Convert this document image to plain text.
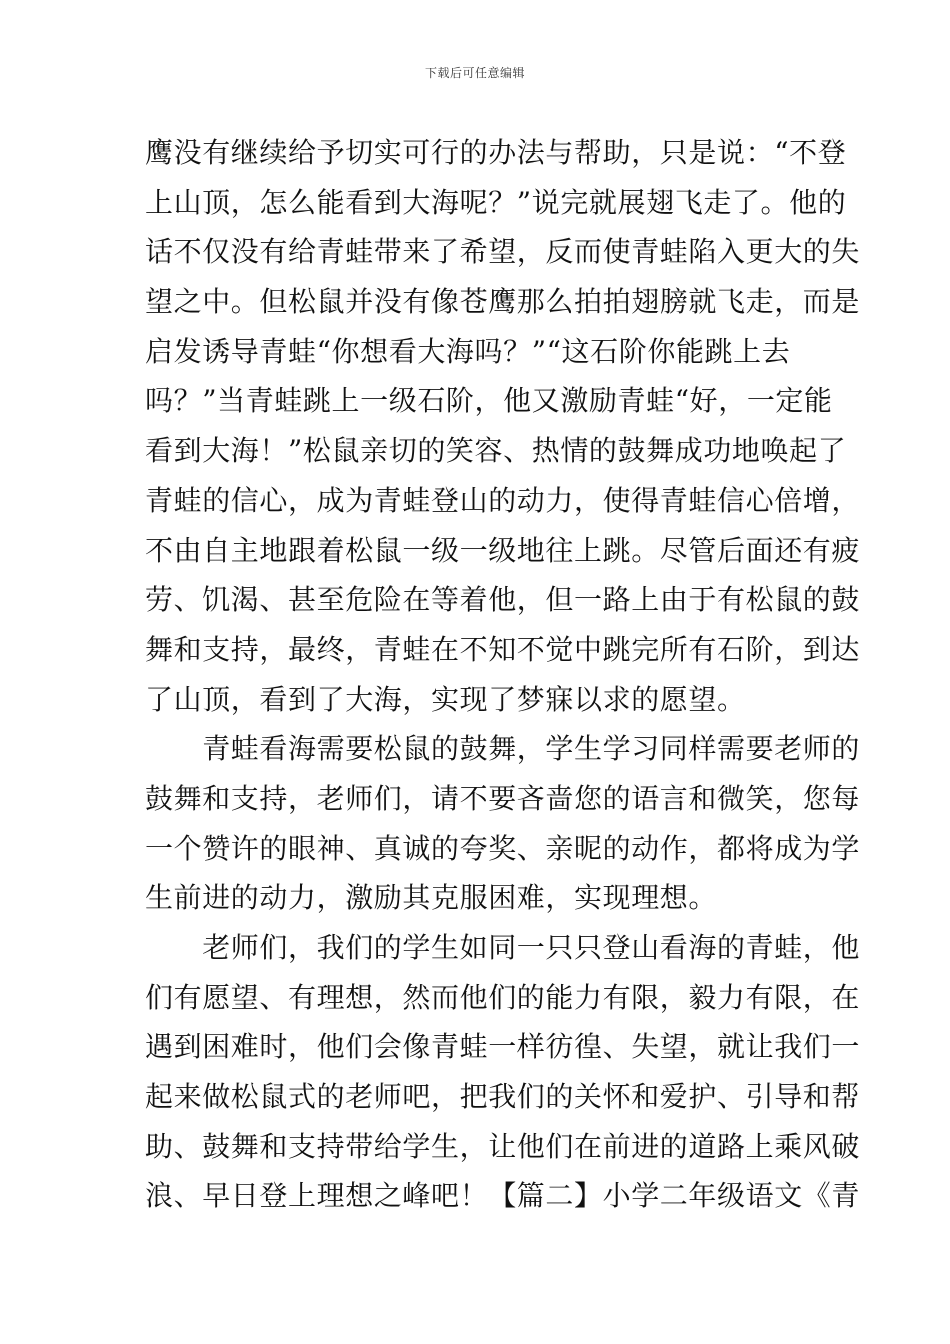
下载后可任意编辑
鹰没有继续给予切实可行的办法与帮助，只是说：“不登
上山顶，怎么能看到大海呢？”说完就展翅飞走了。他的
话不仅没有给青蛙带来了希望，反而使青蛙陷入更大的失
望之中。但松鼠并没有像苍鹰那么拍拍翅膀就飞走，而是
启发诱导青蛙“你想看大海吗？”“这石阶你能跳上去
吗？”当青蛙跳上一级石阶，他又激励青蛙“好，一定能
看到大海！”松鼠亲切的笑容、热情的鼓舞成功地唤起了
青蛙的信心，成为青蛙登山的动力，使得青蛙信心倍增，
不由自主地跟着松鼠一级一级地往上跳。尽管后面还有疲
劳、饥渴、甚至危险在等着他，但一路上由于有松鼠的鼓
舞和支持，最终，青蛙在不知不觉中跳完所有石阶，到达
了山顶，看到了大海，实现了梦寐以求的愿望。
　　青蛙看海需要松鼠的鼓舞，学生学习同样需要老师的
鼓舞和支持，老师们，请不要吝啬您的语言和微笑，您每
一个赞许的眼神、真诚的夸奖、亲昵的动作，都将成为学
生前进的动力，激励其克服困难，实现理想。
　　老师们，我们的学生如同一只只登山看海的青蛙，他
们有愿望、有理想，然而他们的能力有限，毅力有限，在
遇到困难时，他们会像青蛙一样彷徨、失望，就让我们一
起来做松鼠式的老师吧，把我们的关怀和爱护、引导和帮
助、鼓舞和支持带给学生，让他们在前进的道路上乘风破
浪、早日登上理想之峰吧！【篇二】小学二年级语文《青
